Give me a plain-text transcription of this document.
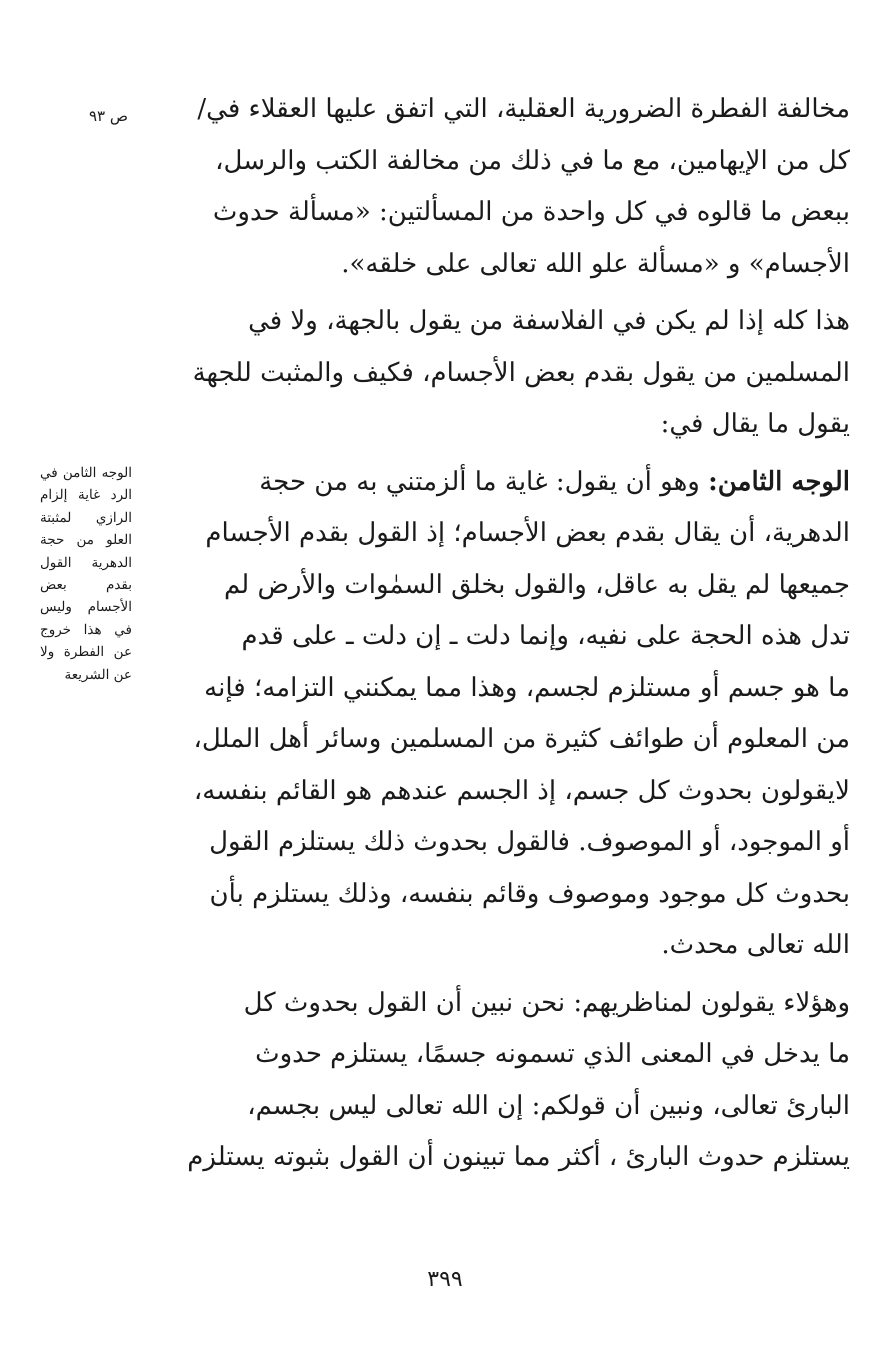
ص ٩٣
الوجه الثامن في الرد غاية إلزام الرازي لمثبتة العلو من حجة الدهرية القول بقدم بعض الأجسام وليس في هذا خروج عن الفطرة ولا عن الشريعة

مخالفة الفطرة الضرورية العقلية، التي اتفق عليها العقلاء في/
كل من الإيهامين، مع ما في ذلك من مخالفة الكتب والرسل،
ببعض ما قالوه في كل واحدة من المسألتين: «مسألة حدوث
الأجسام» و «مسألة علو الله تعالى على خلقه».

هذا كله إذا لم يكن في الفلاسفة من يقول بالجهة، ولا في
المسلمين من يقول بقدم بعض الأجسام، فكيف والمثبت للجهة
يقول ما يقال في:

الوجه الثامن: وهو أن يقول: غاية ما ألزمتني به من حجة
الدهرية، أن يقال بقدم بعض الأجسام؛ إذ القول بقدم الأجسام
جميعها لم يقل به عاقل، والقول بخلق السمٰوات والأرض لم
تدل هذه الحجة على نفيه، وإنما دلت ـ إن دلت ـ على قدم
ما هو جسم أو مستلزم لجسم، وهذا مما يمكنني التزامه؛ فإنه
من المعلوم أن طوائف كثيرة من المسلمين وسائر أهل الملل،
لايقولون بحدوث كل جسم، إذ الجسم عندهم هو القائم بنفسه،
أو الموجود، أو الموصوف. فالقول بحدوث ذلك يستلزم القول
بحدوث كل موجود وموصوف وقائم بنفسه، وذلك يستلزم بأن
الله تعالى محدث.

وهؤلاء يقولون لمناظريهم: نحن نبين أن القول بحدوث كل
ما يدخل في المعنى الذي تسمونه جسمًا، يستلزم حدوث
البارئ تعالى، ونبين أن قولكم: إن الله تعالى ليس بجسم،
يستلزم حدوث البارئ ، أكثر مما تبينون أن القول بثبوته يستلزم

٣٩٩
